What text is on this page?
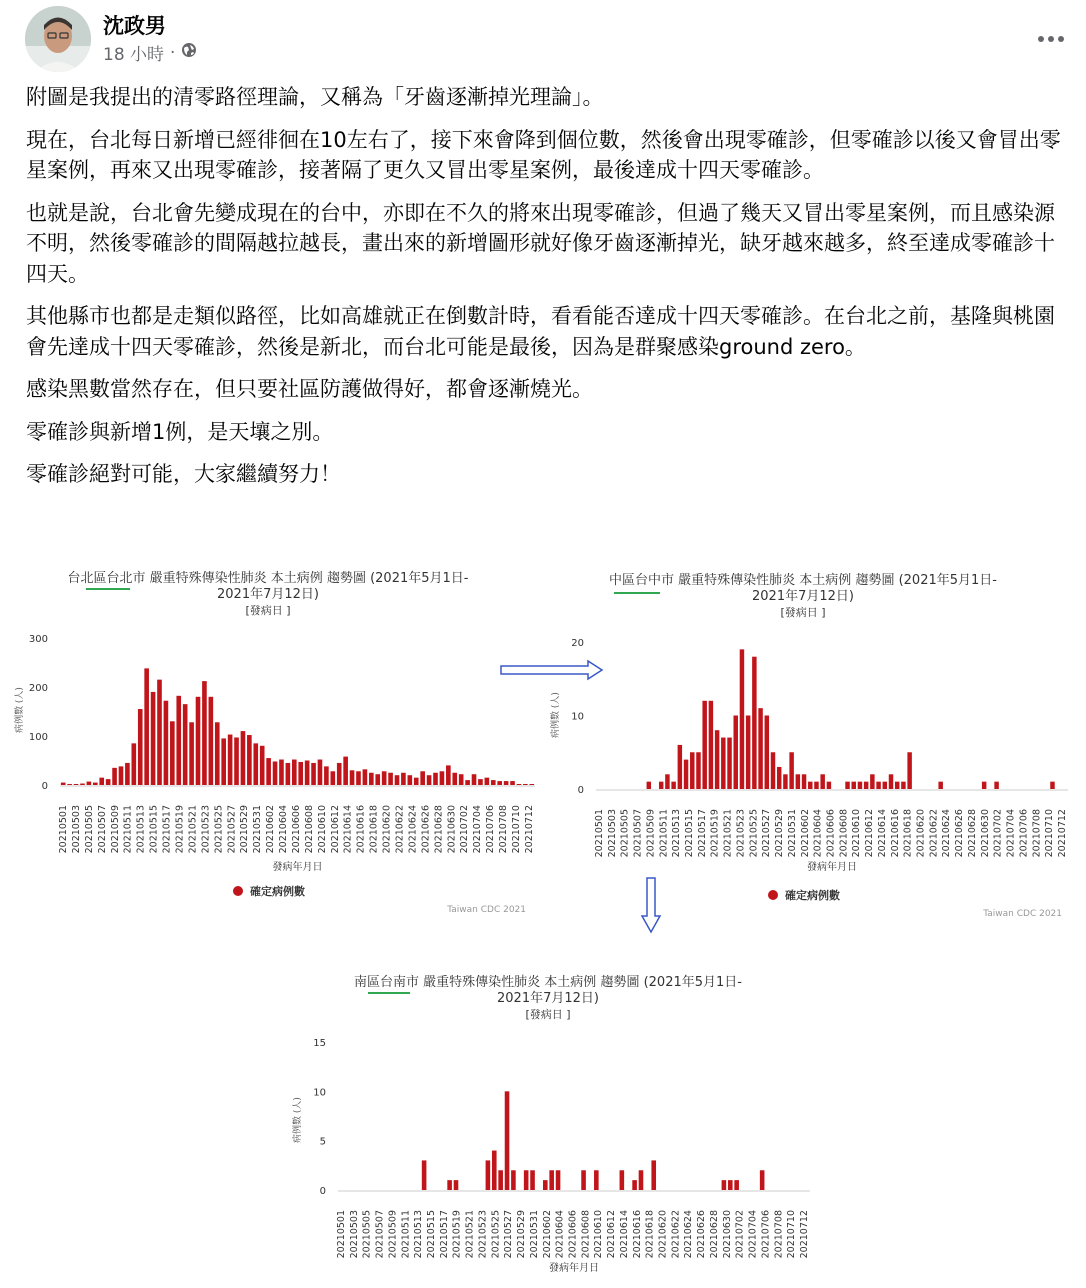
沈政男
18 小時 ·

附圖是我提出的清零路徑理論，又稱為「牙齒逐漸掉光理論」。

現在，台北每日新增已經徘徊在10左右了，接下來會降到個位數，然後會出現零確診，但零確診以後又會冒出零星案例，再來又出現零確診，接著隔了更久又冒出零星案例，最後達成十四天零確診。

也就是說，台北會先變成現在的台中，亦即在不久的將來出現零確診，但過了幾天又冒出零星案例，而且感染源不明，然後零確診的間隔越拉越長，畫出來的新增圖形就好像牙齒逐漸掉光，缺牙越來越多，終至達成零確診十四天。

其他縣市也都是走類似路徑，比如高雄就正在倒數計時，看看能否達成十四天零確診。在台北之前，基隆與桃園會先達成十四天零確診，然後是新北，而台北可能是最後，因為是群聚感染ground zero。

感染黑數當然存在，但只要社區防護做得好，都會逐漸燒光。

零確診與新增1例，是天壤之別。

零確診絕對可能，大家繼續努力！

台北區台北市 嚴重特殊傳染性肺炎 本土病例 趨勢圖 (2021年5月1日-
2021年7月12日)
[發病日 ]
0
100
200
300
病例數 (人)
20210501 20210503 20210505 20210507 20210509 20210511 20210513 20210515 20210517 20210519 20210521 20210523 20210525 20210527 20210529 20210531 20210602 20210604 20210606 20210608 20210610 20210612 20210614 20210616 20210618 20210620 20210622 20210624 20210626 20210628 20210630 20210702 20210704 20210706 20210708 20210710 20210712
發病年月日
確定病例數
Taiwan CDC 2021
中區台中市 嚴重特殊傳染性肺炎 本土病例 趨勢圖 (2021年5月1日-
2021年7月12日)
[發病日 ]
0
10
20
病例數 (人)
20210501 20210503 20210505 20210507 20210509 20210511 20210513 20210515 20210517 20210519 20210521 20210523 20210525 20210527 20210529 20210531 20210602 20210604 20210606 20210608 20210610 20210612 20210614 20210616 20210618 20210620 20210622 20210624 20210626 20210628 20210630 20210702 20210704 20210706 20210708 20210710 20210712
發病年月日
確定病例數
Taiwan CDC 2021
南區台南市 嚴重特殊傳染性肺炎 本土病例 趨勢圖 (2021年5月1日-
2021年7月12日)
[發病日 ]
0
5
10
15
病例數 (人)
20210501 20210503 20210505 20210507 20210509 20210511 20210513 20210515 20210517 20210519 20210521 20210523 20210525 20210527 20210529 20210531 20210602 20210604 20210606 20210608 20210610 20210612 20210614 20210616 20210618 20210620 20210622 20210624 20210626 20210628 20210630 20210702 20210704 20210706 20210708 20210710 20210712
發病年月日
